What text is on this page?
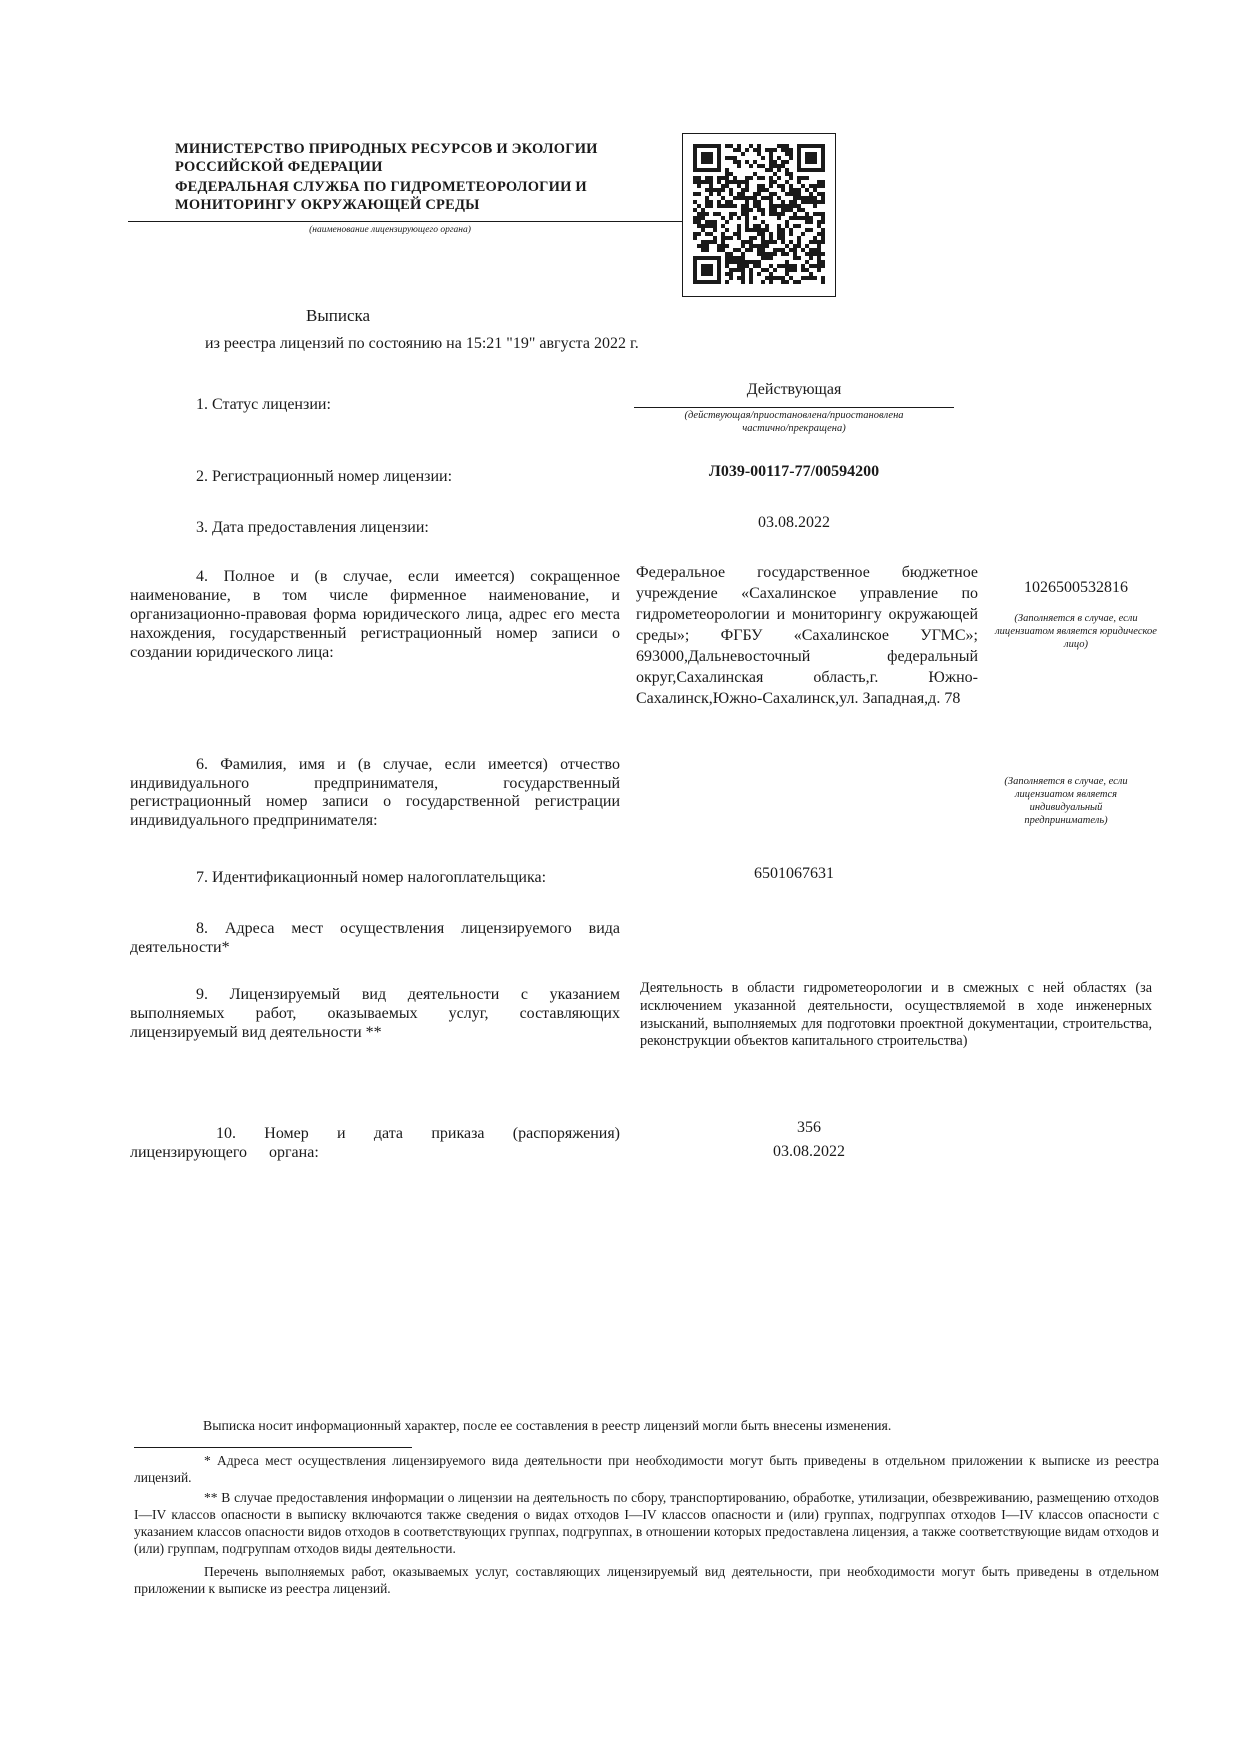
МИНИСТЕРСТВО ПРИРОДНЫХ РЕСУРСОВ И ЭКОЛОГИИ
РОССИЙСКОЙ ФЕДЕРАЦИИ
ФЕДЕРАЛЬНАЯ СЛУЖБА ПО ГИДРОМЕТЕОРОЛОГИИ И
МОНИТОРИНГУ ОКРУЖАЮЩЕЙ СРЕДЫ
(наименование лицензирующего органа)
Выписка
из реестра лицензий по состоянию на 15:21 "19" августа 2022 г.
1. Статус лицензии:
Действующая
(действующая/приостановлена/приостановлена частично/прекращена)
2. Регистрационный номер лицензии:	Л039-00117-77/00594200
3. Дата предоставления лицензии:	03.08.2022
4. Полное и (в случае, если имеется) сокращенное наименование, в том числе фирменное наименование, и организационно-правовая форма юридического лица, адрес его места нахождения, государственный регистрационный номер записи о создании юридического лица:
Федеральное государственное бюджетное учреждение «Сахалинское управление по гидрометеорологии и мониторингу окружающей среды»; ФГБУ «Сахалинское УГМС»; 693000,Дальневосточный федеральный округ,Сахалинская область,г. Южно-Сахалинск,Южно-Сахалинск,ул. Западная,д. 78
1026500532816
(Заполняется в случае, если лицензиатом является юридическое лицо)
6. Фамилия, имя и (в случае, если имеется) отчество индивидуального предпринимателя, государственный регистрационный номер записи о государственной регистрации индивидуального предпринимателя:
(Заполняется в случае, если лицензиатом является индивидуальный предприниматель)
7. Идентификационный номер налогоплательщика:	6501067631
8. Адреса мест осуществления лицензируемого вида деятельности*
9. Лицензируемый вид деятельности с указанием выполняемых работ, оказываемых услуг, составляющих лицензируемый вид деятельности **
Деятельность в области гидрометеорологии и в смежных с ней областях (за исключением указанной деятельности, осуществляемой в ходе инженерных изысканий, выполняемых для подготовки проектной документации, строительства, реконструкции объектов капитального строительства)
10. Номер и дата приказа (распоряжения) лицензирующего органа:
356
03.08.2022
Выписка носит информационный характер, после ее составления в реестр лицензий могли быть внесены изменения.
* Адреса мест осуществления лицензируемого вида деятельности при необходимости могут быть приведены в отдельном приложении к выписке из реестра лицензий.
** В случае предоставления информации о лицензии на деятельность по сбору, транспортированию, обработке, утилизации, обезвреживанию, размещению отходов I—IV классов опасности в выписку включаются также сведения о видах отходов I—IV классов опасности и (или) группах, подгруппах отходов I—IV классов опасности с указанием классов опасности видов отходов в соответствующих группах, подгруппах, в отношении которых предоставлена лицензия, а также соответствующие видам отходов и (или) группам, подгруппам отходов виды деятельности.
Перечень выполняемых работ, оказываемых услуг, составляющих лицензируемый вид деятельности, при необходимости могут быть приведены в отдельном приложении к выписке из реестра лицензий.
